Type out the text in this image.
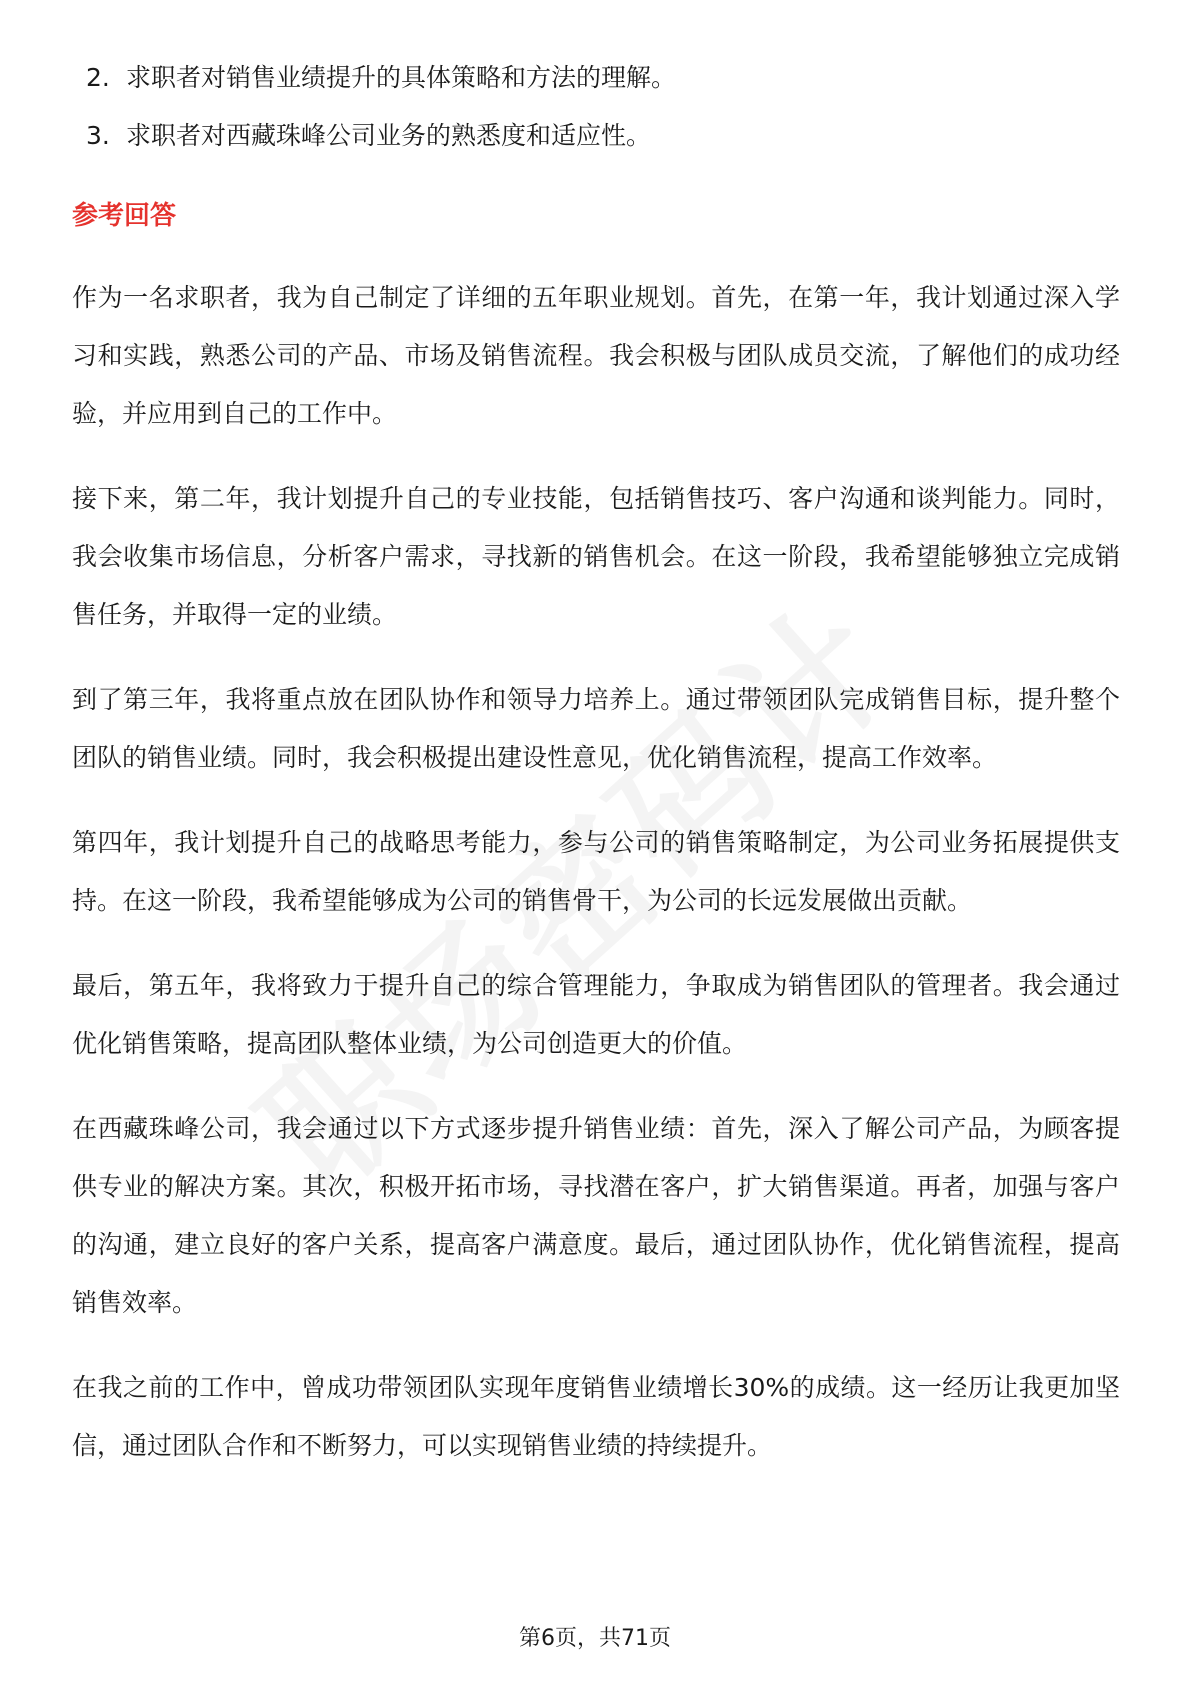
2. 求职者对销售业绩提升的具体策略和方法的理解。
3. 求职者对西藏珠峰公司业务的熟悉度和适应性。
参考回答

作为一名求职者，我为自己制定了详细的五年职业规划。首先，在第一年，我计划通过深入学习和实践，熟悉公司的产品、市场及销售流程。我会积极与团队成员交流，了解他们的成功经验，并应用到自己的工作中。

接下来，第二年，我计划提升自己的专业技能，包括销售技巧、客户沟通和谈判能力。同时，我会收集市场信息，分析客户需求，寻找新的销售机会。在这一阶段，我希望能够独立完成销售任务，并取得一定的业绩。

到了第三年，我将重点放在团队协作和领导力培养上。通过带领团队完成销售目标，提升整个团队的销售业绩。同时，我会积极提出建设性意见，优化销售流程，提高工作效率。

第四年，我计划提升自己的战略思考能力，参与公司的销售策略制定，为公司业务拓展提供支持。在这一阶段，我希望能够成为公司的销售骨干，为公司的长远发展做出贡献。

最后，第五年，我将致力于提升自己的综合管理能力，争取成为销售团队的管理者。我会通过优化销售策略，提高团队整体业绩，为公司创造更大的价值。

在西藏珠峰公司，我会通过以下方式逐步提升销售业绩：首先，深入了解公司产品，为顾客提供专业的解决方案。其次，积极开拓市场，寻找潜在客户，扩大销售渠道。再者，加强与客户的沟通，建立良好的客户关系，提高客户满意度。最后，通过团队协作，优化销售流程，提高销售效率。

在我之前的工作中，曾成功带领团队实现年度销售业绩增长30%的成绩。这一经历让我更加坚信，通过团队合作和不断努力，可以实现销售业绩的持续提升。

第6页，共71页
